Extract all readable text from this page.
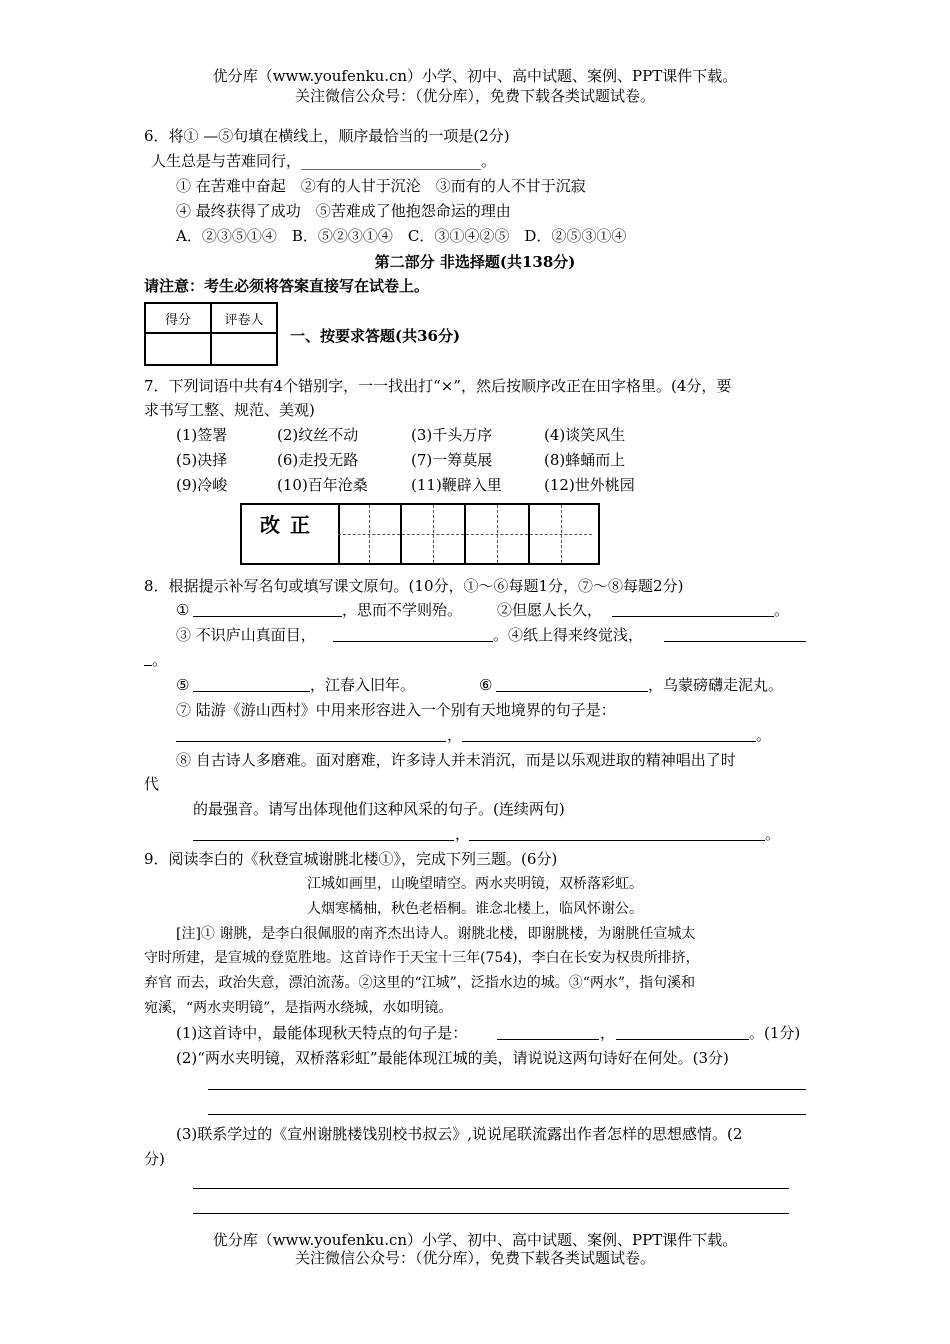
优分库（www.youfenku.cn）小学、初中、高中试题、案例、PPT课件下载。
关注微信公众号：（优分库），免费下载各类试题试卷。
6．将① —⑤句填在横线上，顺序最恰当的一项是(2分)
人生总是与苦难同行，________________________。
① 在苦难中奋起　②有的人甘于沉沦　③而有的人不甘于沉寂
④ 最终获得了成功　⑤苦难成了他抱怨命运的理由
A．②③⑤①④　B．⑤②③①④　C．③①④②⑤　D．②⑤③①④
第二部分 非选择题(共138分)
请注意：考生必须将答案直接写在试卷上。
得分	评卷人

一、按要求答题(共36分)
7．下列词语中共有4个错别字，一一找出打“×”，然后按顺序改正在田字格里。(4分，要
求书写工整、规范、美观)
(1)签署	(2)纹丝不动	(3)千头万序	(4)谈笑风生
(5)决择	(6)走投无路	(7)一筹莫展	(8)蜂蛹而上
(9)冷峻	(10)百年沧桑	(11)鞭辟入里	(12)世外桃园
改正
8．根据提示补写名句或填写课文原句。(10分，①～⑥每题1分，⑦～⑧每题2分)
①	，思而不学则殆。 ②但愿人长久，	。
③ 不识庐山真面目，	。④纸上得来终觉浅，
。
⑤	，江春入旧年。	⑥	，乌蒙磅礴走泥丸。
⑦ 陆游《游山西村》中用来形容进入一个别有天地境界的句子是：
，	。
⑧ 自古诗人多磨难。面对磨难，许多诗人并未消沉，而是以乐观进取的精神唱出了时
代
的最强音。请写出体现他们这种风采的句子。(连续两句)
，	。
9．阅读李白的《秋登宣城谢朓北楼①》，完成下列三题。(6分)
江城如画里，山晚望晴空。两水夹明镜，双桥落彩虹。
人烟寒橘柚，秋色老梧桐。谁念北楼上，临风怀谢公。
[注]① 谢朓，是李白很佩服的南齐杰出诗人。谢朓北楼，即谢朓楼，为谢朓任宣城太
守时所建，是宣城的登览胜地。这首诗作于天宝十三年(754)，李白在长安为权贵所排挤，
弃官 而去，政治失意，漂泊流荡。②这里的“江城”，泛指水边的城。③“两水”，指句溪和
宛溪，“两水夹明镜”，是指两水绕城，水如明镜。
(1)这首诗中，最能体现秋天特点的句子是：	，	。(1分)
(2)“两水夹明镜，双桥落彩虹”最能体现江城的美，请说说这两句诗好在何处。(3分)
(3)联系学过的《宣州谢朓楼饯别校书叔云》,说说尾联流露出作者怎样的思想感情。(2
分)
优分库（www.youfenku.cn）小学、初中、高中试题、案例、PPT课件下载。
关注微信公众号：（优分库），免费下载各类试题试卷。
